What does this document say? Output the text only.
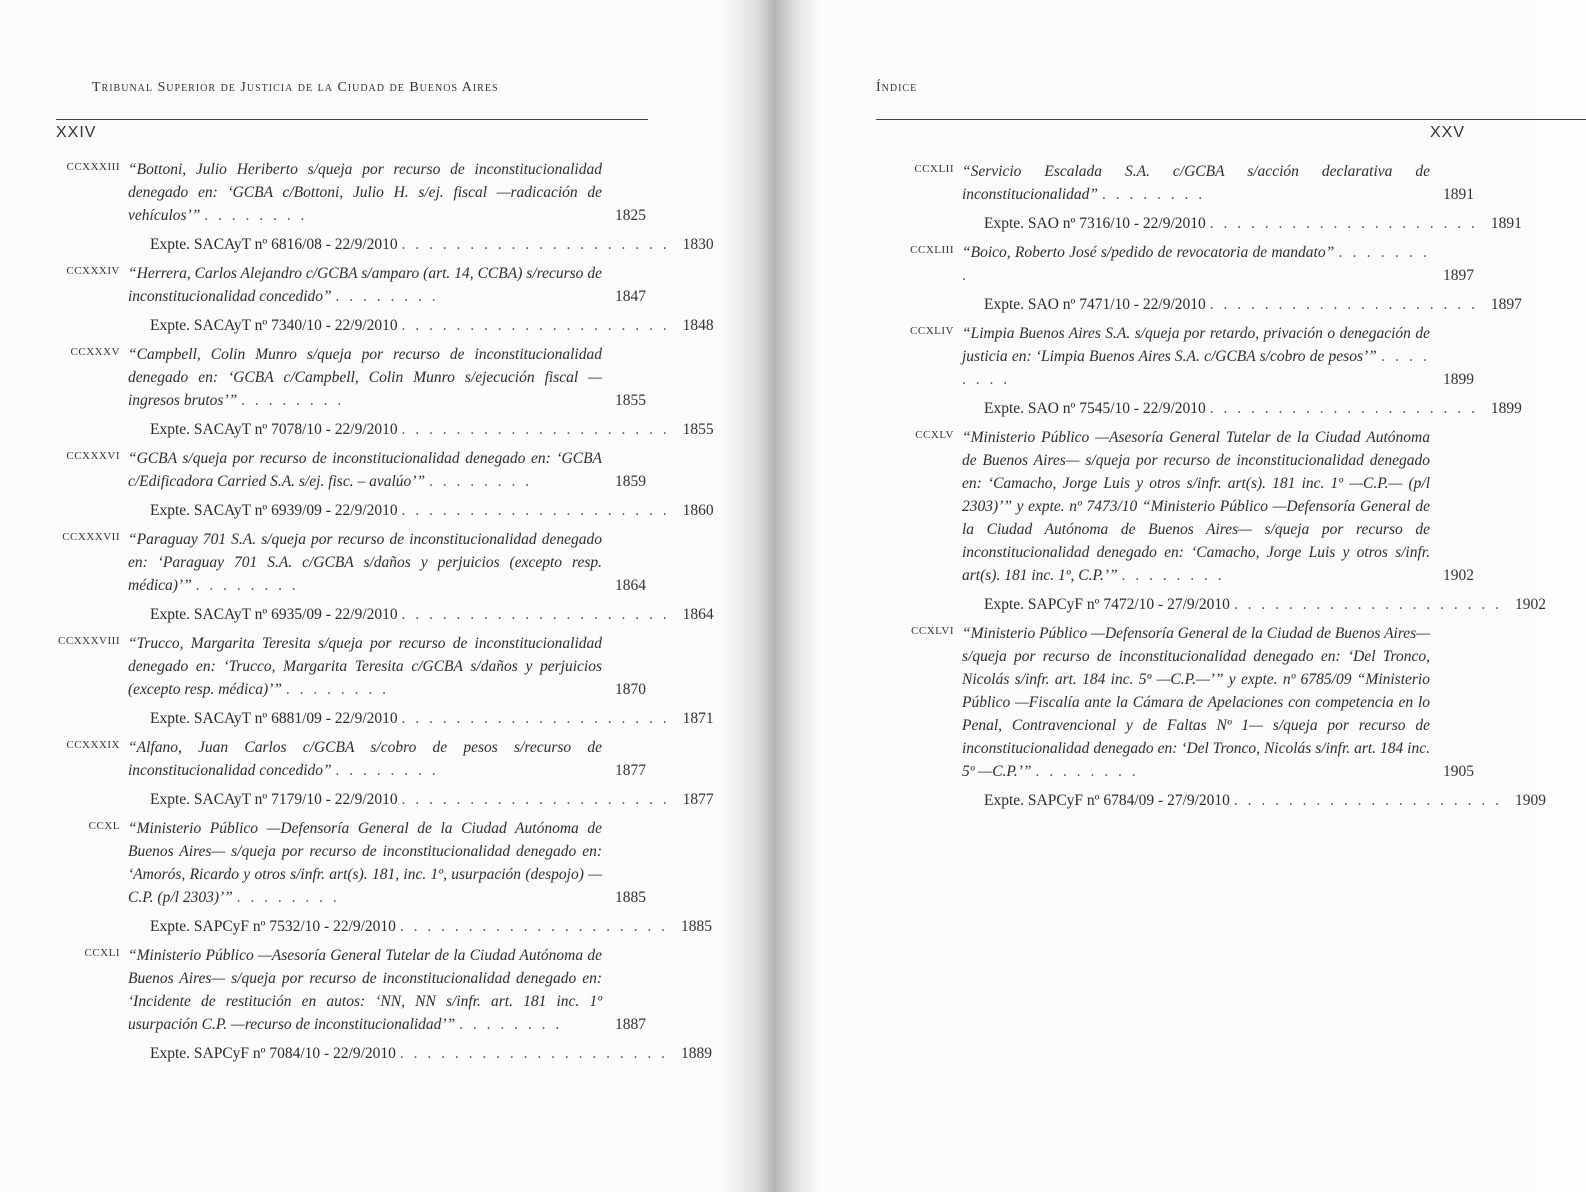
Tribunal Superior de Justicia de la Ciudad de Buenos Aires
XXIV
CCXXXIII “Bottoni, Julio Heriberto s/queja por recurso de inconstitucionalidad denegado en: ‘GCBA c/Bottoni, Julio H. s/ej. fiscal —radicación de vehículos’” . . . . . . . .	1825
Expte. SACAyT nº 6816/08 - 22/9/2010 . . . . . . . . . . . . . . . . . . . . 1830
CCXXXIV “Herrera, Carlos Alejandro c/GCBA s/amparo (art. 14, CCBA) s/recurso de inconstitucionalidad concedido” . . . . . . . .	1847
Expte. SACAyT nº 7340/10 - 22/9/2010 . . . . . . . . . . . . . . . . . . . . 1848
CCXXXV “Campbell, Colin Munro s/queja por recurso de inconstitucionalidad denegado en: ‘GCBA c/Campbell, Colin Munro s/ejecución fiscal —ingresos brutos’” . . . . . . . .	1855
Expte. SACAyT nº 7078/10 - 22/9/2010 . . . . . . . . . . . . . . . . . . . . 1855
CCXXXVI “GCBA s/queja por recurso de inconstitucionalidad denegado en: ‘GCBA c/Edificadora Carried S.A. s/ej. fisc. – avalúo’” . . . . . . . .	1859
Expte. SACAyT nº 6939/09 - 22/9/2010 . . . . . . . . . . . . . . . . . . . . 1860
CCXXXVII “Paraguay 701 S.A. s/queja por recurso de inconstitucionalidad denegado en: ‘Paraguay 701 S.A. c/GCBA s/daños y perjuicios (excepto resp. médica)’” . . . . . . . .	1864
Expte. SACAyT nº 6935/09 - 22/9/2010 . . . . . . . . . . . . . . . . . . . . 1864
CCXXXVIII “Trucco, Margarita Teresita s/queja por recurso de inconstitucionalidad denegado en: ‘Trucco, Margarita Teresita c/GCBA s/daños y perjuicios (excepto resp. médica)’” . . . . . . . .	1870
Expte. SACAyT nº 6881/09 - 22/9/2010 . . . . . . . . . . . . . . . . . . . . 1871
CCXXXIX “Alfano, Juan Carlos c/GCBA s/cobro de pesos s/recurso de inconstitucionalidad concedido” . . . . . . . .	1877
Expte. SACAyT nº 7179/10 - 22/9/2010 . . . . . . . . . . . . . . . . . . . . 1877
CCXL “Ministerio Público —Defensoría General de la Ciudad Autónoma de Buenos Aires— s/queja por recurso de inconstitucionalidad denegado en: ‘Amorós, Ricardo y otros s/infr. art(s). 181, inc. 1º, usurpación (despojo) —C.P. (p/l 2303)’” . . . . . . . .	1885
Expte. SAPCyF nº 7532/10 - 22/9/2010 . . . . . . . . . . . . . . . . . . . . 1885
CCXLI “Ministerio Público —Asesoría General Tutelar de la Ciudad Autónoma de Buenos Aires— s/queja por recurso de inconstitucionalidad denegado en: ‘Incidente de restitución en autos: ‘NN, NN s/infr. art. 181 inc. 1º usurpación C.P. —recurso de inconstitucionalidad’” . . . . . . . .	1887
Expte. SAPCyF nº 7084/10 - 22/9/2010 . . . . . . . . . . . . . . . . . . . . 1889
Índice
XXV
CCXLII “Servicio Escalada S.A. c/GCBA s/acción declarativa de inconstitucionalidad” . . . . . . . .	1891
Expte. SAO nº 7316/10 - 22/9/2010 . . . . . . . . . . . . . . . . . . . . 1891
CCXLIII “Boico, Roberto José s/pedido de revocatoria de mandato” . . . . . . . .	1897
Expte. SAO nº 7471/10 - 22/9/2010 . . . . . . . . . . . . . . . . . . . . 1897
CCXLIV “Limpia Buenos Aires S.A. s/queja por retardo, privación o denegación de justicia en: ‘Limpia Buenos Aires S.A. c/GCBA s/cobro de pesos’” . . . . . . . .	1899
Expte. SAO nº 7545/10 - 22/9/2010 . . . . . . . . . . . . . . . . . . . . 1899
CCXLV “Ministerio Público —Asesoría General Tutelar de la Ciudad Autónoma de Buenos Aires— s/queja por recurso de inconstitucionalidad denegado en: ‘Camacho, Jorge Luis y otros s/infr. art(s). 181 inc. 1º —C.P.— (p/l 2303)’” y expte. nº 7473/10 “Ministerio Público —Defensoría General de la Ciudad Autónoma de Buenos Aires— s/queja por recurso de inconstitucionalidad denegado en: ‘Camacho, Jorge Luis y otros s/infr. art(s). 181 inc. 1º, C.P.’” . . . . . . . .	1902
Expte. SAPCyF nº 7472/10 - 27/9/2010 . . . . . . . . . . . . . . . . . . . . 1902
CCXLVI “Ministerio Público —Defensoría General de la Ciudad de Buenos Aires— s/queja por recurso de inconstitucionalidad denegado en: ‘Del Tronco, Nicolás s/infr. art. 184 inc. 5º —C.P.—’” y expte. nº 6785/09 “Ministerio Público —Fiscalía ante la Cámara de Apelaciones con competencia en lo Penal, Contravencional y de Faltas Nº 1— s/queja por recurso de inconstitucionalidad denegado en: ‘Del Tronco, Nicolás s/infr. art. 184 inc. 5º —C.P.’” . . . . . . . .	1905
Expte. SAPCyF nº 6784/09 - 27/9/2010 . . . . . . . . . . . . . . . . . . . . 1909
